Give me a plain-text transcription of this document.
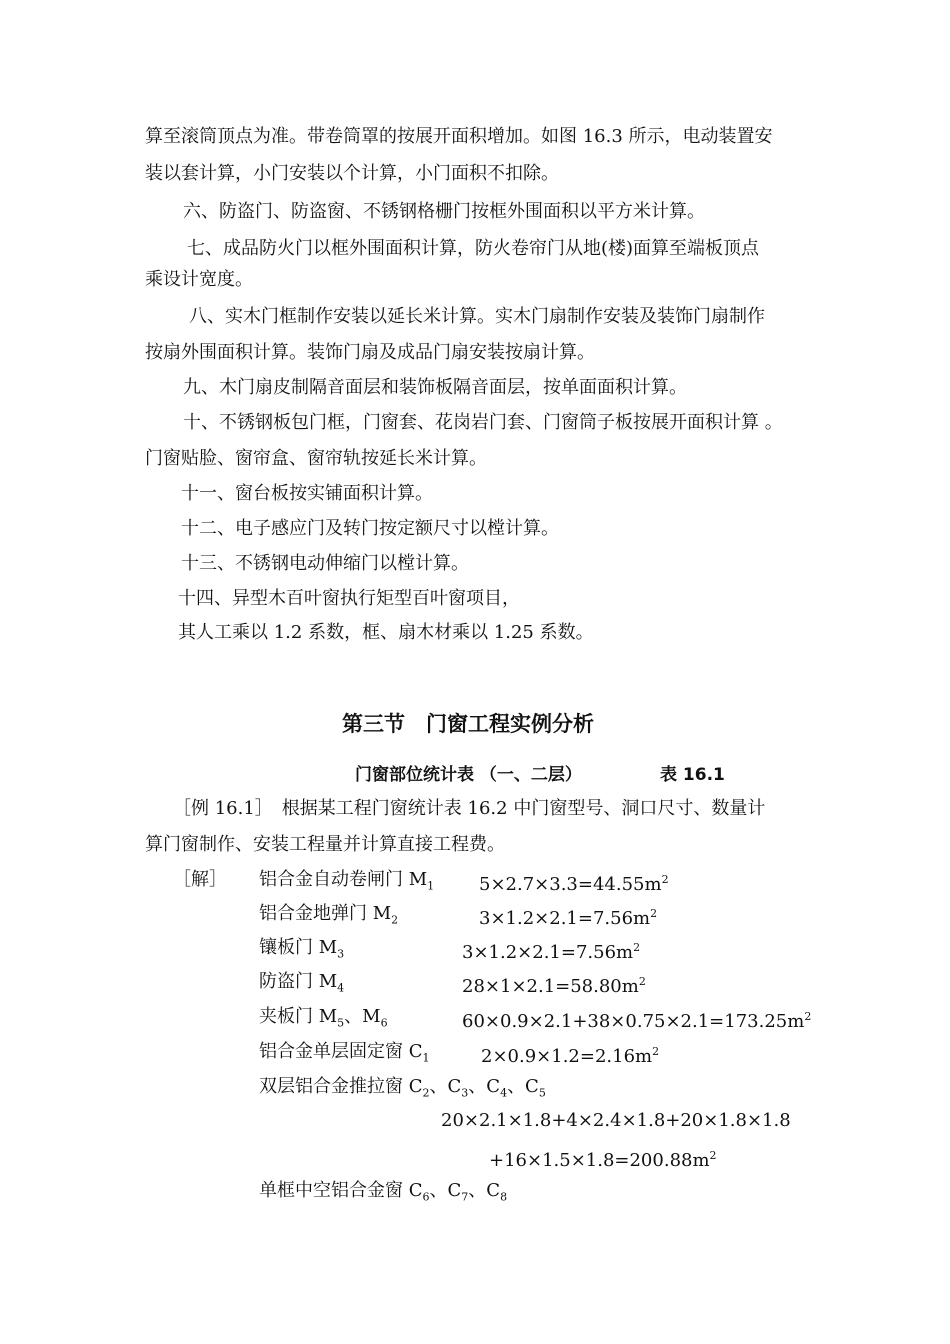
算至滚筒顶点为准。带卷筒罩的按展开面积增加。如图 16.3 所示，电动装置安
装以套计算，小门安装以个计算，小门面积不扣除。
六、防盗门、防盗窗、不锈钢格栅门按框外围面积以平方米计算。
七、成品防火门以框外围面积计算，防火卷帘门从地(楼)面算至端板顶点
乘设计宽度。
八、实木门框制作安装以延长米计算。实木门扇制作安装及装饰门扇制作
按扇外围面积计算。装饰门扇及成品门扇安装按扇计算。
九、木门扇皮制隔音面层和装饰板隔音面层，按单面面积计算。
十、不锈钢板包门框，门窗套、花岗岩门套、门窗筒子板按展开面积计算 。
门窗贴脸、窗帘盒、窗帘轨按延长米计算。
十一、窗台板按实铺面积计算。
十二、电子感应门及转门按定额尺寸以樘计算。
十三、不锈钢电动伸缩门以樘计算。
十四、异型木百叶窗执行矩型百叶窗项目，
其人工乘以 1.2 系数，框、扇木材乘以 1.25 系数。
第三节　门窗工程实例分析
门窗部位统计表 （一、二层）	表 16.1
［例 16.1］　根据某工程门窗统计表 16.2 中门窗型号、洞口尺寸、数量计
算门窗制作、安装工程量并计算直接工程费。
［解］ 铝合金自动卷闸门 $M_1$ $5\times 2.7\times 3.3=44.55m^2$
铝合金地弹门 $M_2$	$3\times 1.2\times 2.1=7.56m^2$
镶板门 $M_3$	$3\times 1.2\times 2.1=7.56m^2$
防盗门 $M_4$	$28\times 1\times 2.1=58.80m^2$
夹板门 $M_5$、$M_6$	$60\times 0.9\times 2.1+38\times 0.75\times 2.1=173.25m^2$
铝合金单层固定窗 $C_1$	$2\times 0.9\times 1.2=2.16m^2$
双层铝合金推拉窗 $C_2$、$C_3$、$C_4$、$C_5$
20×2.1×1.8+4×2.4×1.8+20×1.8×1.8
$+16\times 1.5\times 1.8=200.88m^2$
单框中空铝合金窗 $C_6$、$C_7$、$C_8$
